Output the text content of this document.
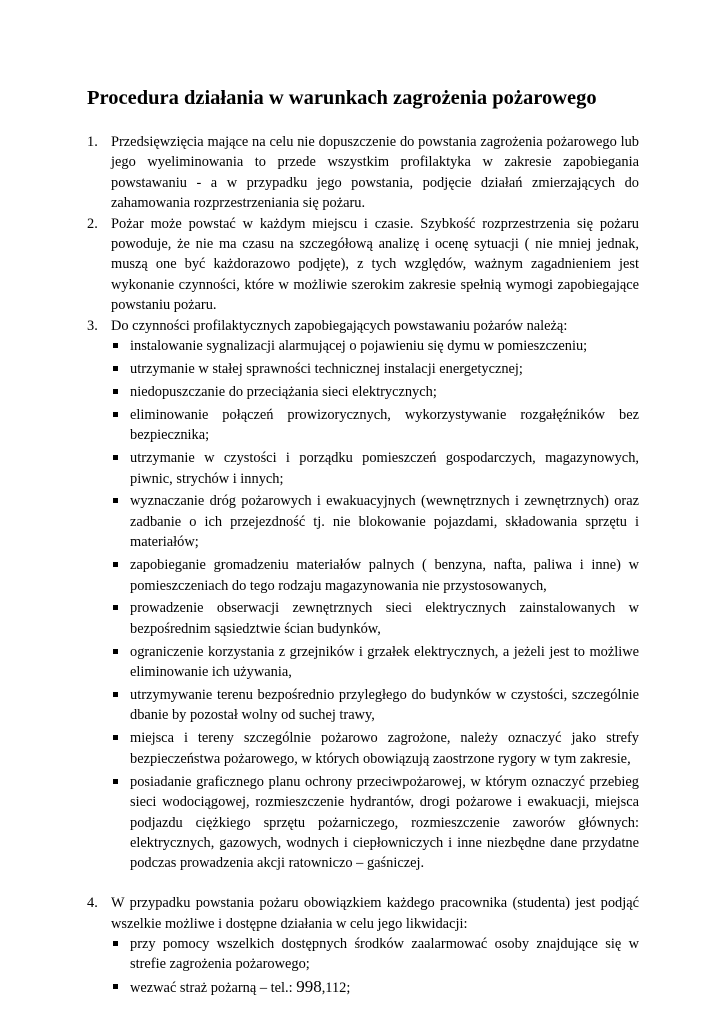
Procedura działania w warunkach zagrożenia pożarowego
1. Przedsięwzięcia mające na celu nie dopuszczenie do powstania zagrożenia pożarowego lub jego wyeliminowania to przede wszystkim profilaktyka w zakresie zapobiegania powstawaniu - a w przypadku jego powstania, podjęcie działań zmierzających do zahamowania rozprzestrzeniania się pożaru.
2. Pożar może powstać w każdym miejscu i czasie. Szybkość rozprzestrzenia się pożaru powoduje, że nie ma czasu na szczegółową analizę i ocenę sytuacji ( nie mniej jednak, muszą one być każdorazowo podjęte), z tych względów, ważnym zagadnieniem jest wykonanie czynności, które w możliwie szerokim zakresie spełnią wymogi zapobiegające powstaniu pożaru.
3. Do czynności profilaktycznych zapobiegających powstawaniu pożarów należą:
instalowanie sygnalizacji alarmującej o pojawieniu się dymu w pomieszczeniu;
utrzymanie w stałej sprawności technicznej instalacji energetycznej;
niedopuszczanie do przeciążania sieci elektrycznych;
eliminowanie połączeń prowizorycznych, wykorzystywanie rozgałęźników bez bezpiecznika;
utrzymanie w czystości i porządku pomieszczeń gospodarczych, magazynowych, piwnic, strychów i innych;
wyznaczanie dróg pożarowych i ewakuacyjnych (wewnętrznych i zewnętrznych) oraz zadbanie o ich przejezdność tj. nie blokowanie pojazdami, składowania sprzętu i materiałów;
zapobieganie gromadzeniu materiałów palnych ( benzyna, nafta, paliwa i inne) w pomieszczeniach do tego rodzaju magazynowania nie przystosowanych,
prowadzenie obserwacji zewnętrznych sieci elektrycznych zainstalowanych w bezpośrednim sąsiedztwie ścian budynków,
ograniczenie korzystania z grzejników i grzałek elektrycznych, a jeżeli jest to możliwe eliminowanie ich używania,
utrzymywanie terenu bezpośrednio przyległego do budynków w czystości, szczególnie dbanie by pozostał wolny od suchej trawy,
miejsca i tereny szczególnie pożarowo zagrożone, należy oznaczyć jako strefy bezpieczeństwa pożarowego, w których obowiązują zaostrzone rygory w tym zakresie,
posiadanie graficznego planu ochrony przeciwpożarowej, w którym oznaczyć przebieg sieci wodociągowej, rozmieszczenie hydrantów, drogi pożarowe i ewakuacji, miejsca podjazdu ciężkiego sprzętu pożarniczego, rozmieszczenie zaworów głównych: elektrycznych, gazowych, wodnych i ciepłowniczych i inne niezbędne dane przydatne podczas prowadzenia akcji ratowniczo – gaśniczej.
4. W przypadku powstania pożaru obowiązkiem każdego pracownika (studenta) jest podjąć wszelkie możliwe i dostępne działania w celu jego likwidacji:
przy pomocy wszelkich dostępnych środków zaalarmować osoby znajdujące się w strefie zagrożenia pożarowego;
wezwać straż pożarną – tel.: 998,112;
